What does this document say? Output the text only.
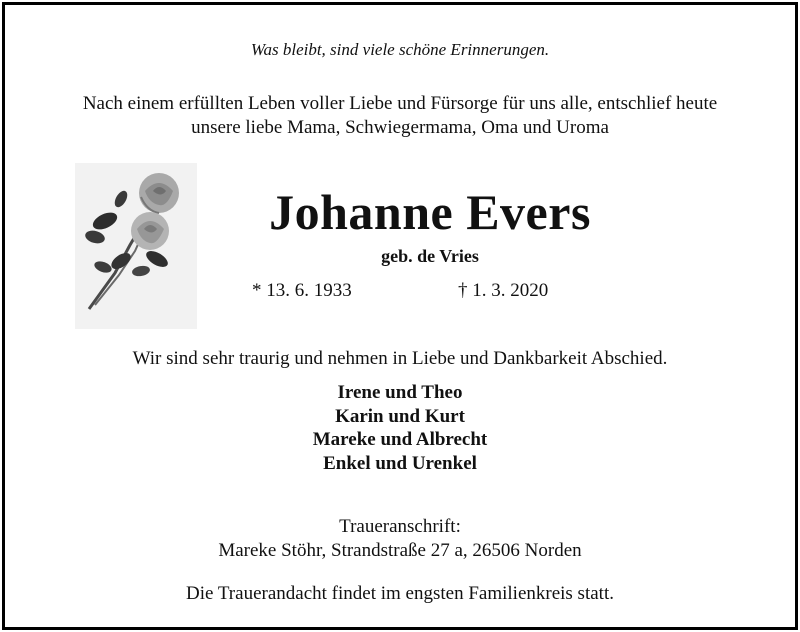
Was bleibt, sind viele schöne Erinnerungen.
Nach einem erfüllten Leben voller Liebe und Fürsorge für uns alle, entschlief heute
unsere liebe Mama, Schwiegermama, Oma und Uroma
Johanne Evers
geb. de Vries
* 13. 6. 1933	† 1. 3. 2020
Wir sind sehr traurig und nehmen in Liebe und Dankbarkeit Abschied.
Irene und Theo
Karin und Kurt
Mareke und Albrecht
Enkel und Urenkel
Traueranschrift:
Mareke Stöhr, Strandstraße 27 a, 26506 Norden
Die Trauerandacht findet im engsten Familienkreis statt.
